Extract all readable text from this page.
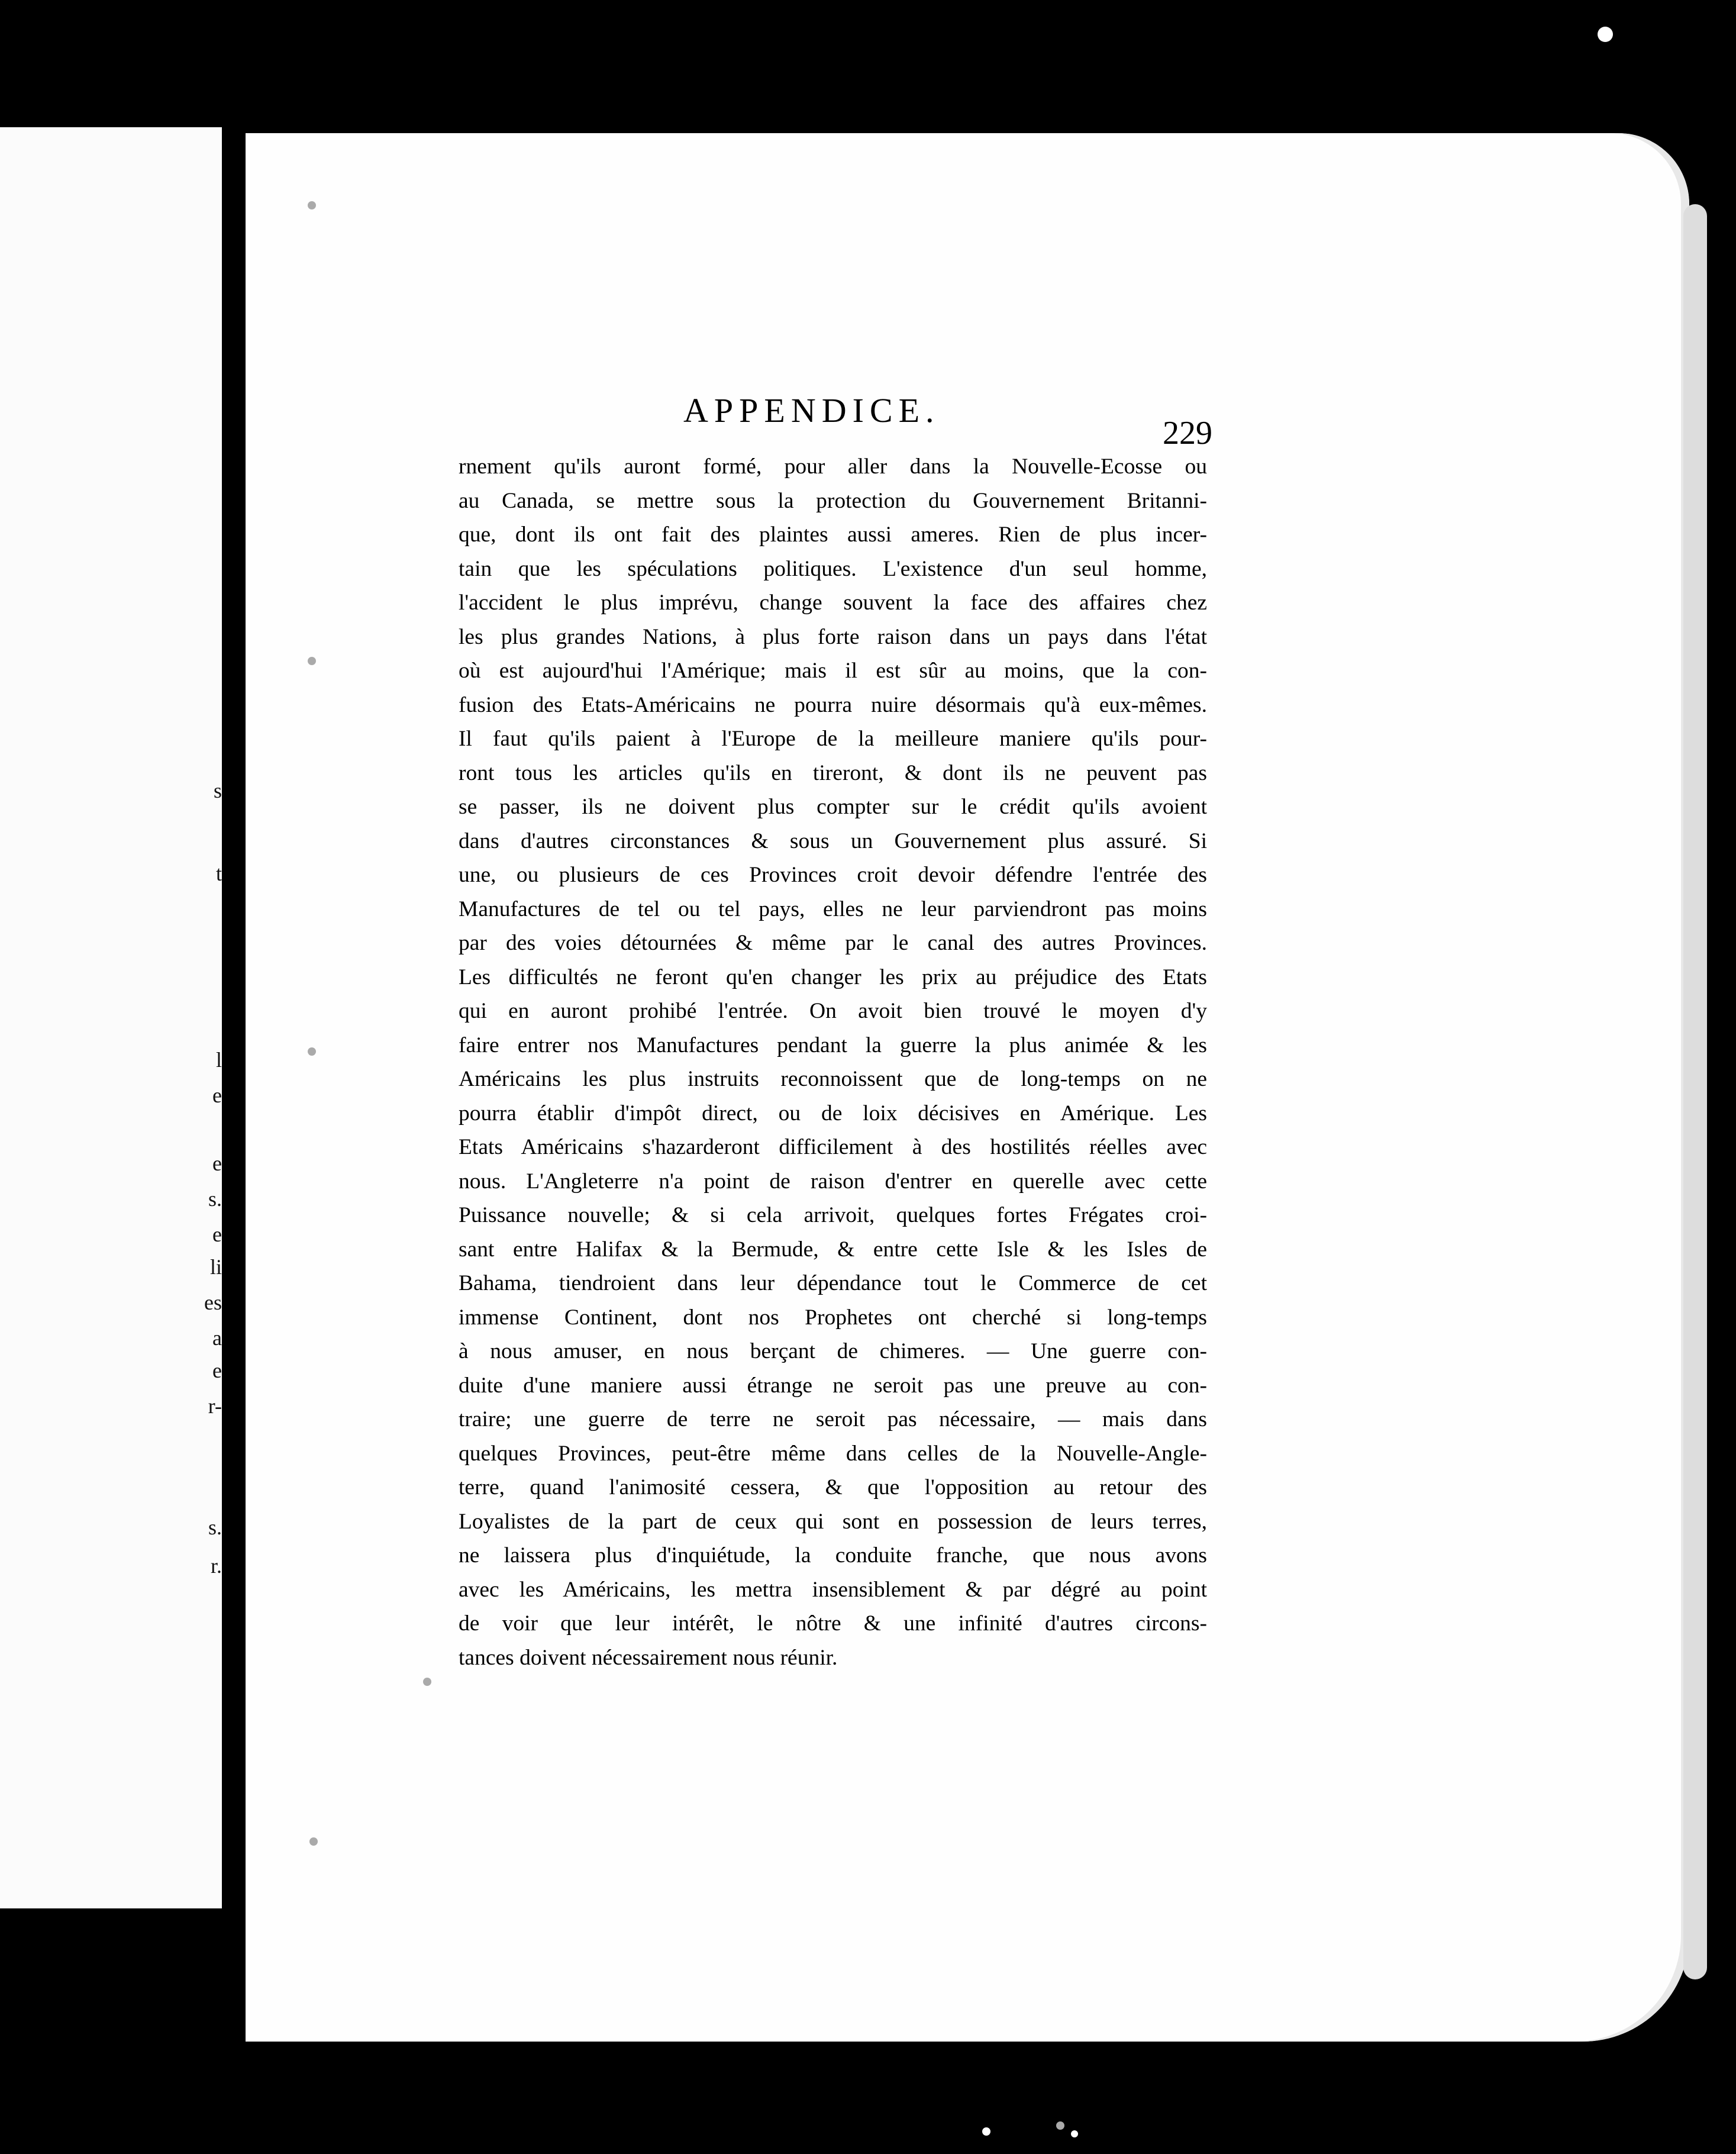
s
t
l
e
e
s.
e
li
es
a
e
r-
s.
r.
APPENDICE.
229
rnement qu'ils auront formé, pour aller dans la Nouvelle-Ecosse ou
au Canada, se mettre sous la protection du Gouvernement Britanni-
que, dont ils ont fait des plaintes aussi ameres. Rien de plus incer-
tain que les spéculations politiques. L'existence d'un seul homme,
l'accident le plus imprévu, change souvent la face des affaires chez
les plus grandes Nations, à plus forte raison dans un pays dans l'état
où est aujourd'hui l'Amérique; mais il est sûr au moins, que la con-
fusion des Etats-Américains ne pourra nuire désormais qu'à eux-mêmes.
Il faut qu'ils paient à l'Europe de la meilleure maniere qu'ils pour-
ront tous les articles qu'ils en tireront, & dont ils ne peuvent pas
se passer, ils ne doivent plus compter sur le crédit qu'ils avoient
dans d'autres circonstances & sous un Gouvernement plus assuré. Si
une, ou plusieurs de ces Provinces croit devoir défendre l'entrée des
Manufactures de tel ou tel pays, elles ne leur parviendront pas moins
par des voies détournées & même par le canal des autres Provinces.
Les difficultés ne feront qu'en changer les prix au préjudice des Etats
qui en auront prohibé l'entrée. On avoit bien trouvé le moyen d'y
faire entrer nos Manufactures pendant la guerre la plus animée & les
Américains les plus instruits reconnoissent que de long-temps on ne
pourra établir d'impôt direct, ou de loix décisives en Amérique. Les
Etats Américains s'hazarderont difficilement à des hostilités réelles avec
nous. L'Angleterre n'a point de raison d'entrer en querelle avec cette
Puissance nouvelle; & si cela arrivoit, quelques fortes Frégates croi-
sant entre Halifax & la Bermude, & entre cette Isle & les Isles de
Bahama, tiendroient dans leur dépendance tout le Commerce de cet
immense Continent, dont nos Prophetes ont cherché si long-temps
à nous amuser, en nous berçant de chimeres. — Une guerre con-
duite d'une maniere aussi étrange ne seroit pas une preuve au con-
traire; une guerre de terre ne seroit pas nécessaire, — mais dans
quelques Provinces, peut-être même dans celles de la Nouvelle-Angle-
terre, quand l'animosité cessera, & que l'opposition au retour des
Loyalistes de la part de ceux qui sont en possession de leurs terres,
ne laissera plus d'inquiétude, la conduite franche, que nous avons
avec les Américains, les mettra insensiblement & par dégré au point
de voir que leur intérêt, le nôtre & une infinité d'autres circons-
tances doivent nécessairement nous réunir.
